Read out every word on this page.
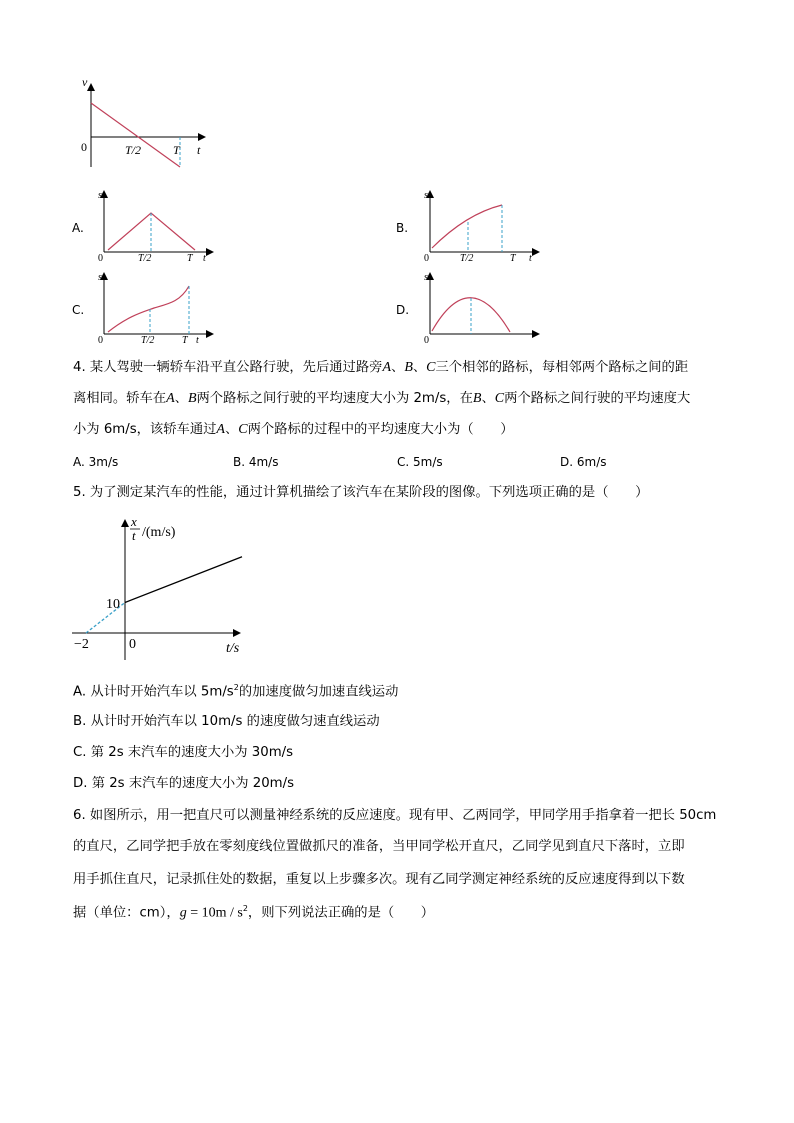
v
t
0	T/2	T
A.
s
0	T/2	T t
B.
s
0	T/2	T t
C.
s
0	T/2	T t
D.
s
0
4. 某人驾驶一辆轿车沿平直公路行驶，先后通过路旁A、B、C三个相邻的路标，每相邻两个路标之间的距
离相同。轿车在A、B两个路标之间行驶的平均速度大小为 2m/s，在B、C两个路标之间行驶的平均速度大
小为 6m/s，该轿车通过A、C两个路标的过程中的平均速度大小为（　　）
A. 3m/s	B. 4m/s	C. 5m/s	D. 6m/s
5. 为了测定某汽车的性能，通过计算机描绘了该汽车在某阶段的图像。下列选项正确的是（　　）
x
t /(m/s)
10
−2	0	t/s
A. 从计时开始汽车以 $5m/s^2$的加速度做匀加速直线运动
B. 从计时开始汽车以 10m/s 的速度做匀速直线运动
C. 第 2s 末汽车的速度大小为 30m/s
D. 第 2s 末汽车的速度大小为 20m/s
6. 如图所示，用一把直尺可以测量神经系统的反应速度。现有甲、乙两同学，甲同学用手指拿着一把长 50cm
的直尺，乙同学把手放在零刻度线位置做抓尺的准备，当甲同学松开直尺，乙同学见到直尺下落时，立即
用手抓住直尺，记录抓住处的数据，重复以上步骤多次。现有乙同学测定神经系统的反应速度得到以下数
据（单位：cm），$g = 10m / s^2$，则下列说法正确的是（　　）
